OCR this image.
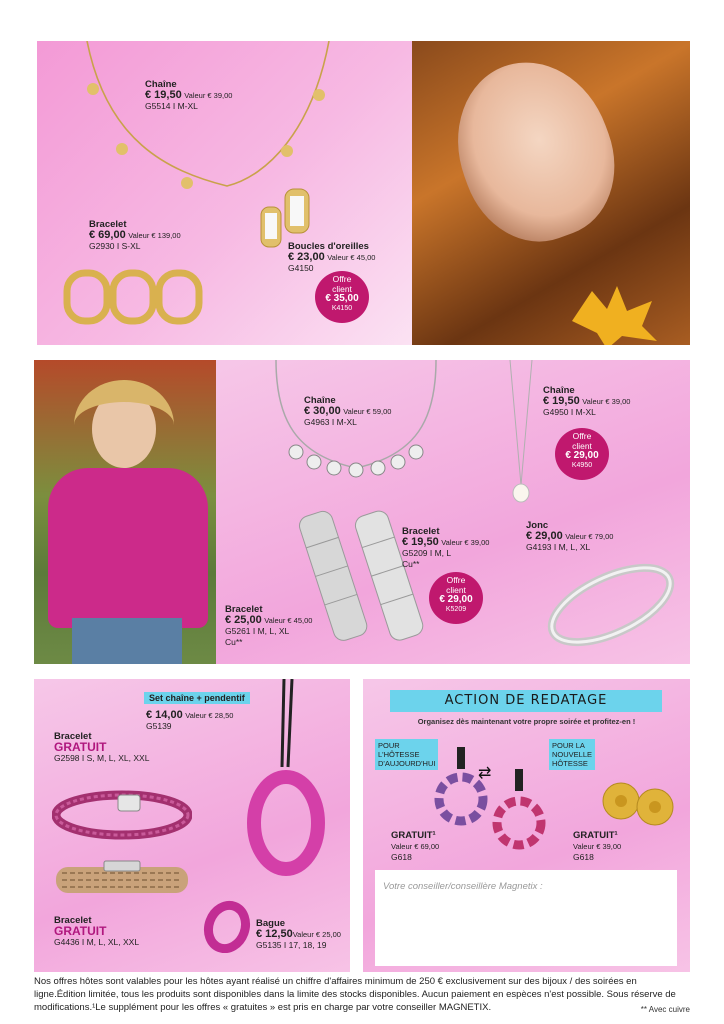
Chaîne
€ 19,50 Valeur € 39,00
G5514 I M-XL
Bracelet
€ 69,00 Valeur € 139,00
G2930 I S-XL	Boucles d'oreilles
€ 23,00 Valeur € 45,00
G4150
Offre
client
€ 35,00
K4150
Chaîne
€ 30,00 Valeur € 59,00
G4963 I M-XL
Chaîne
€ 19,50 Valeur € 39,00
G4950 I M-XL
Offre
client
€ 29,00
K4950
Bracelet
€ 19,50 Valeur € 39,00
G5209 I M, L
Cu**
Offre
client
€ 29,00
K5209
Jonc
€ 29,00 Valeur € 79,00
G4193 I M, L, XL
Bracelet
€ 25,00 Valeur € 45,00
G5261 I M, L, XL
Cu**
Set chaîne + pendentif
€ 14,00 Valeur € 28,50
G5139
Bracelet
GRATUIT
G2598 I S, M, L, XL, XXL
Bracelet
GRATUIT
G4436 I M, L, XL, XXL
Bague
€ 12,50Valeur € 25,00
G5135 I 17, 18, 19
ACTION DE REDATAGE
Organisez dès maintenant votre propre soirée et profitez-en !
POUR
L'HÔTESSE
D'AUJOURD'HUI
POUR LA
NOUVELLE
HÔTESSE
⇄
GRATUIT¹
Valeur € 69,00
G618
GRATUIT¹
Valeur € 39,00
G618
Votre conseiller/conseillère Magnetix :
Nos offres hôtes sont valables pour les hôtes ayant réalisé un chiffre d'affaires minimum de 250 € exclusivement sur des bijoux / des soirées en ligne.Édition limitée, tous les produits sont disponibles dans la limite des stocks disponibles. Aucun paiement en espèces n'est possible. Sous réserve de modifications.¹Le supplément pour les offres « gratuites » est pris en charge par votre conseiller MAGNETIX.	** Avec cuivre
